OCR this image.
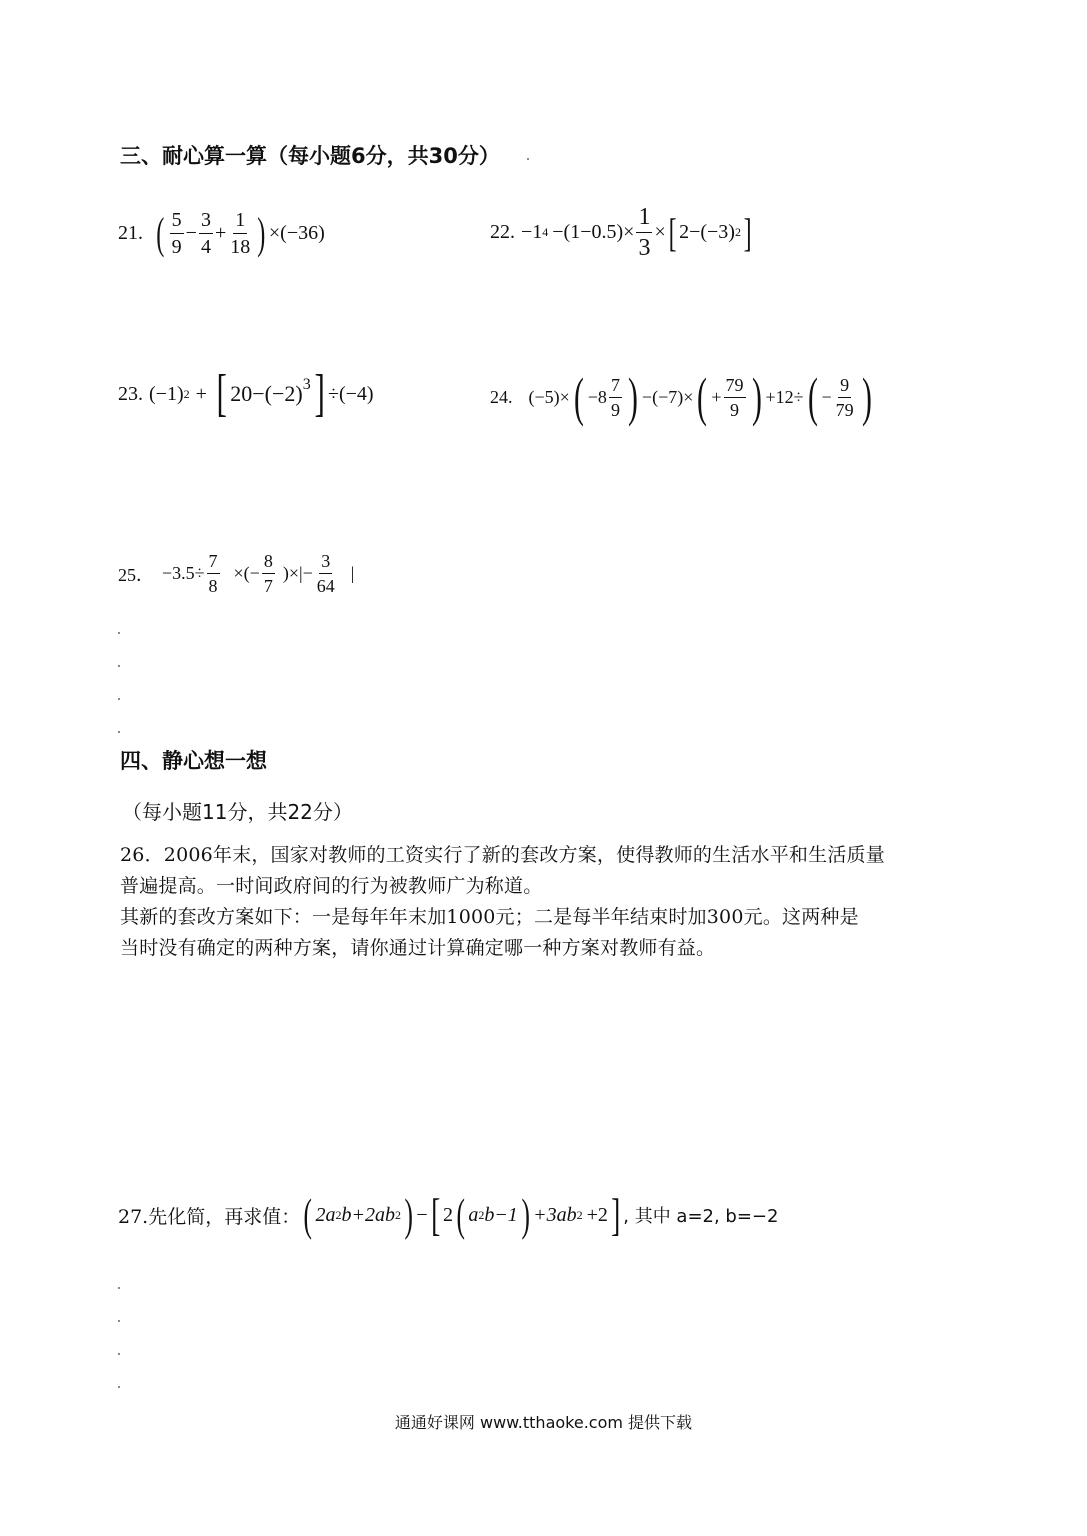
三、耐心算一算（每小题6分，共30分）
21. ( $\frac{5}{9} - \frac{3}{4} + \frac{1}{18}$ ) ×(−36)	22. −1 $4 -(1-0.5)\times \frac{1}{3}$ × [ 2−(−3) 2 ]
23. (−1) 2 + [ $20-(-2)^3$ ] ÷(−4)	24. (−5)× ( $-8 \frac{7}{9}$ ) −(−7)× ( + $\frac{79}{9}$ ) +12÷ ( − $\frac{9}{79}$ )
25． $-3.5\div \frac{7}{8}$ ×(− $\frac{8}{7}$ )×|− $\frac{3}{64}$ |
四、静心想一想
（每小题11分，共22分）
26．2006年末，国家对教师的工资实行了新的套改方案，使得教师的生活水平和生活质量
普遍提高。一时间政府间的行为被教师广为称道。
其新的套改方案如下：一是每年年末加1000元；二是每半年结束时加300元。这两种是
当时没有确定的两种方案，请你通过计算确定哪一种方案对教师有益。
27.先化简，再求值： ( 2a 2 b+2ab 2 ) − [ 2 ( a 2 b−1 ) +3ab 2 +2 ] , 其中 a=2, b=−2
通通好课网 www.tthaoke.com 提供下载
